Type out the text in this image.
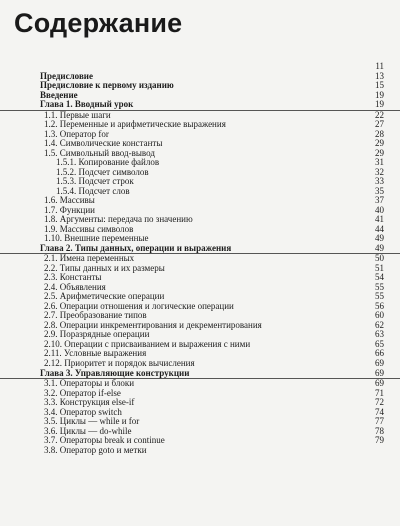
Содержание
11
Предисловие	13
Предисловие к первому изданию	15
Введение	19
Глава 1. Вводный урок	19
1.1. Первые шаги	22
1.2. Переменные и арифметические выражения	27
1.3. Оператор for	28
1.4. Символические константы	29
1.5. Символьный ввод-вывод	29
1.5.1. Копирование файлов	31
1.5.2. Подсчет символов	32
1.5.3. Подсчет строк	33
1.5.4. Подсчет слов	35
1.6. Массивы	37
1.7. Функции	40
1.8. Аргументы: передача по значению	41
1.9. Массивы символов	44
1.10. Внешние переменные	49
Глава 2. Типы данных, операции и выражения	49
2.1. Имена переменных	50
2.2. Типы данных и их размеры	51
2.3. Константы	54
2.4. Объявления	55
2.5. Арифметические операции	55
2.6. Операции отношения и логические операции	56
2.7. Преобразование типов	60
2.8. Операции инкрементирования и декрементирования	62
2.9. Поразрядные операции	63
2.10. Операции с присваиванием и выражения с ними	65
2.11. Условные выражения	66
2.12. Приоритет и порядок вычисления	69
Глава 3. Управляющие конструкции	69
3.1. Операторы и блоки	69
3.2. Оператор if-else	71
3.3. Конструкция else-if	72
3.4. Оператор switch	74
3.5. Циклы — while и for	77
3.6. Циклы — do-while	78
3.7. Операторы break и continue	79
3.8. Оператор goto и метки
